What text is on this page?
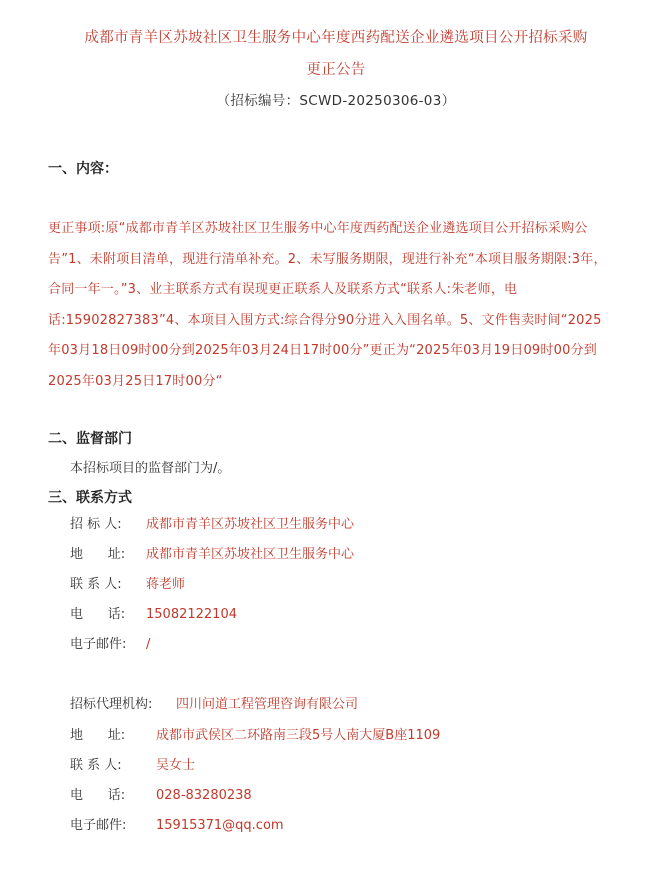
成都市青羊区苏坡社区卫生服务中心年度西药配送企业遴选项目公开招标采购
更正公告
（招标编号：SCWD-20250306-03）
一、内容：
更正事项:原“成都市青羊区苏坡社区卫生服务中心年度西药配送企业遴选项目公开招标采购公告”1、未附项目清单，现进行清单补充。2、未写服务期限，现进行补充“本项目服务期限:3年，合同一年一。”3、业主联系方式有误现更正联系人及联系方式“联系人:朱老师，电话:15902827383”4、本项目入围方式:综合得分90分进入入围名单。5、文件售卖时间“2025年03月18日09时00分到2025年03月24日17时00分”更正为“2025年03月19日09时00分到2025年03月25日17时00分“
二、监督部门
本招标项目的监督部门为/。
三、联系方式
招 标 人: 成都市青羊区苏坡社区卫生服务中心
地      址: 成都市青羊区苏坡社区卫生服务中心
联 系 人: 蒋老师
电      话: 15082122104
电子邮件: /
招标代理机构: 四川问道工程管理咨询有限公司
地      址: 成都市武侯区二环路南三段5号人南大厦B座1109
联 系 人:	吴女士
电      话: 028-83280238
电子邮件: 15915371@qq.com
